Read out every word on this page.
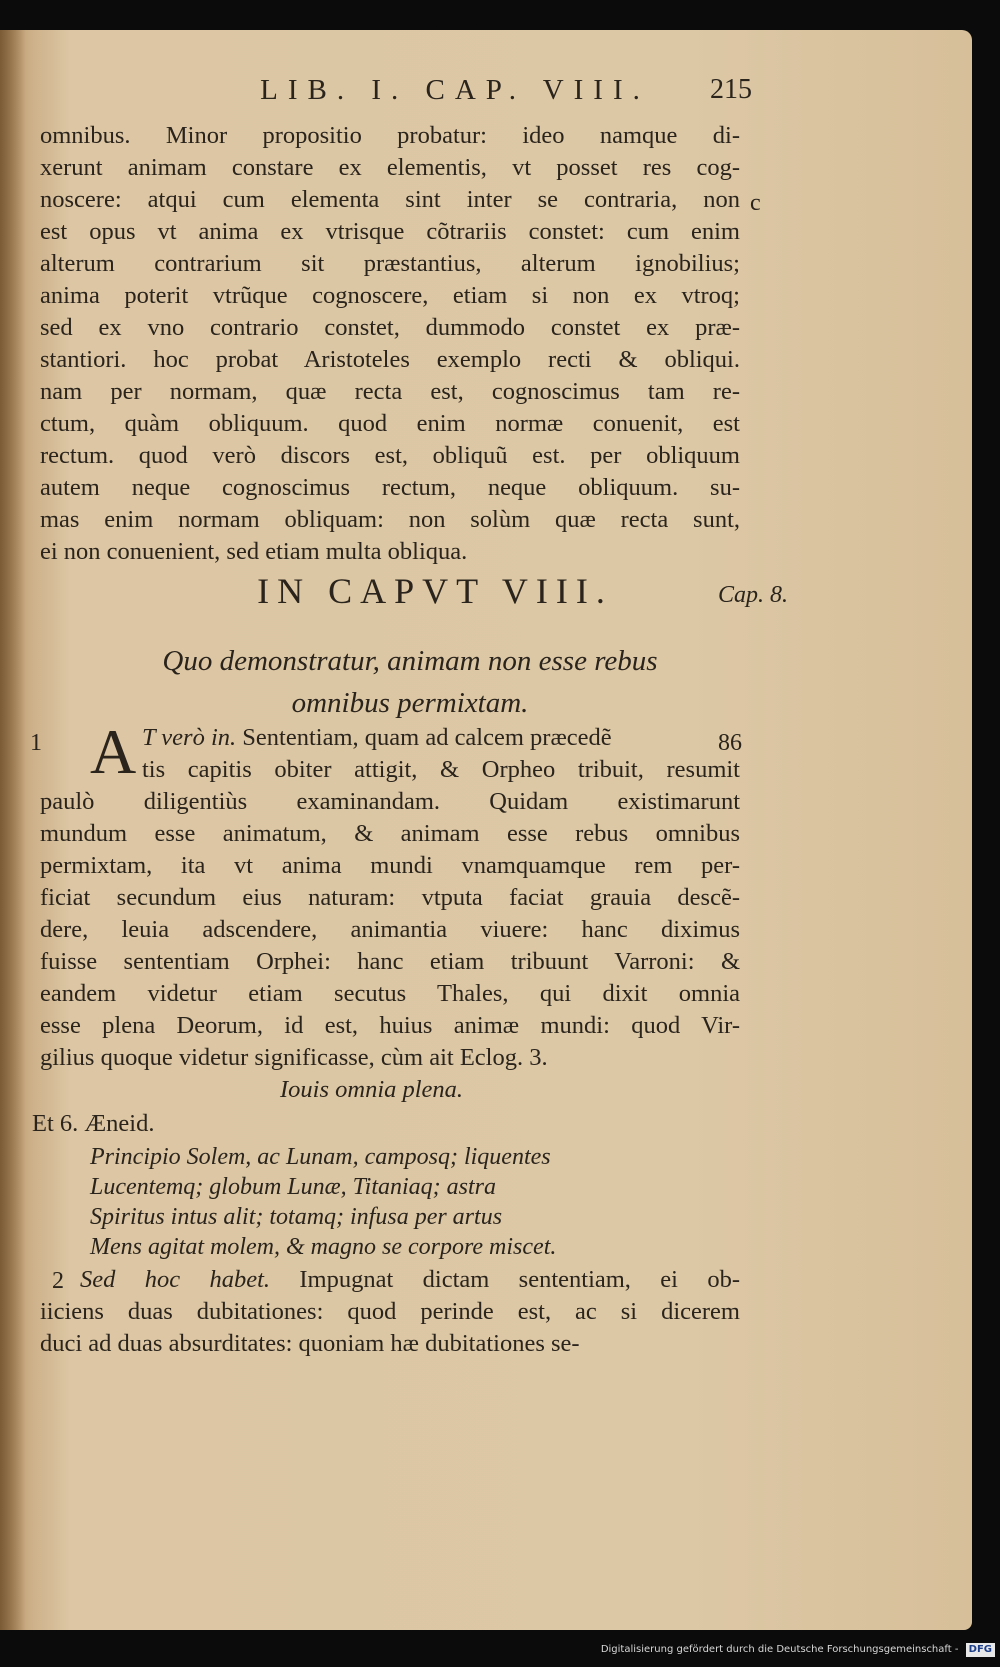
LIB. I. CAP. VIII.	215
omnibus. Minor propositio probatur: ideo namque di-
xerunt animam constare ex elementis, vt posset res cog-
noscere: atqui cum elementa sint inter se contraria, non
est opus vt anima ex vtrisque cõtrariis constet: cum enim
alterum contrarium sit præstantius, alterum ignobilius;
anima poterit vtrũque cognoscere, etiam si non ex vtroq;
sed ex vno contrario constet, dummodo constet ex præ-
stantiori. hoc probat Aristoteles exemplo recti & obliqui.
nam per normam, quæ recta est, cognoscimus tam re-
ctum, quàm obliquum. quod enim normæ conuenit, est
rectum. quod verò discors est, obliquũ est. per obliquum
autem neque cognoscimus rectum, neque obliquum. su-
mas enim normam obliquam: non solùm quæ recta sunt,
ei non conuenient, sed etiam multa obliqua.
IN CAPVT VIII.
Quo demonstratur, animam non esse rebus omnibus permixtam.
1 A T verò in. Sententiam, quam ad calcem præcedẽ
tis capitis obiter attigit, & Orpheo tribuit, resumit
paulò diligentiùs examinandam. Quidam existimarunt
mundum esse animatum, & animam esse rebus omnibus
permixtam, ita vt anima mundi vnamquamque rem per-
ficiat secundum eius naturam: vtputa faciat grauia descẽ-
dere, leuia adscendere, animantia viuere: hanc diximus
fuisse sententiam Orphei: hanc etiam tribuunt Varroni: &
eandem videtur etiam secutus Thales, qui dixit omnia
esse plena Deorum, id est, huius animæ mundi: quod Vir-
gilius quoque videtur significasse, cùm ait Eclog. 3.
Iouis omnia plena.
Et 6. Æneid.
Principio Solem, ac Lunam, camposq; liquentes
Lucentemq; globum Lunæ, Titaniaq; astra
Spiritus intus alit; totamq; infusa per artus
Mens agitat molem, & magno se corpore miscet.
2 Sed hoc habet. Impugnat dictam sententiam, ei ob-
iiciens duas dubitationes: quod perinde est, ac si dicerem
duci ad duas absurditates: quoniam hæ dubitationes se-
c
Cap. 8.
86
Digitalisierung gefördert durch die Deutsche Forschungsgemeinschaft - DFG
